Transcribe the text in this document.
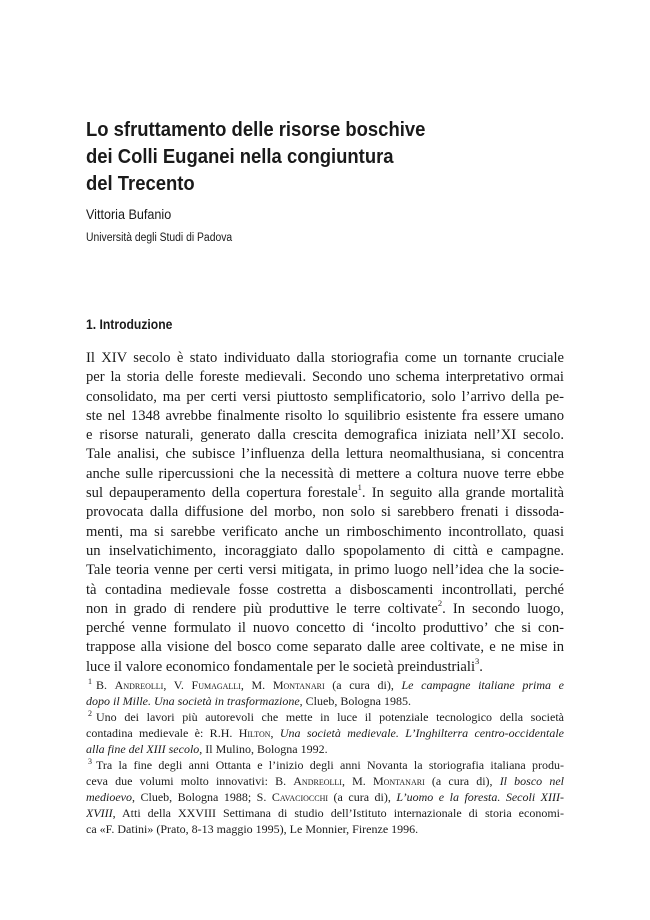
Lo sfruttamento delle risorse boschive
dei Colli Euganei nella congiuntura
del Trecento
Vittoria Bufanio
Università degli Studi di Padova
1. Introduzione
Il XIV secolo è stato individuato dalla storiografia come un tornante cruciale
per la storia delle foreste medievali. Secondo uno schema interpretativo ormai
consolidato, ma per certi versi piuttosto semplificatorio, solo l’arrivo della pe-
ste nel 1348 avrebbe finalmente risolto lo squilibrio esistente fra essere umano
e risorse naturali, generato dalla crescita demografica iniziata nell’XI secolo.
Tale analisi, che subisce l’influenza della lettura neomalthusiana, si concentra
anche sulle ripercussioni che la necessità di mettere a coltura nuove terre ebbe
sul depauperamento della copertura forestale$^1$. In seguito alla grande mortalità
provocata dalla diffusione del morbo, non solo si sarebbero frenati i dissoda-
menti, ma si sarebbe verificato anche un rimboschimento incontrollato, quasi
un inselvatichimento, incoraggiato dallo spopolamento di città e campagne.
Tale teoria venne per certi versi mitigata, in primo luogo nell’idea che la socie-
tà contadina medievale fosse costretta a disboscamenti incontrollati, perché
non in grado di rendere più produttive le terre coltivate$^2$. In secondo luogo,
perché venne formulato il nuovo concetto di ‘incolto produttivo’ che si con-
trappose alla visione del bosco come separato dalle aree coltivate, e ne mise in
luce il valore economico fondamentale per le società preindustriali$^3$.
$^1$ B. Andreolli, V. Fumagalli, M. Montanari (a cura di), Le campagne italiane prima e
dopo il Mille. Una società in trasformazione, Clueb, Bologna 1985.
$^2$ Uno dei lavori più autorevoli che mette in luce il potenziale tecnologico della società
contadina medievale è: R.H. Hilton, Una società medievale. L’Inghilterra centro-occidentale
alla fine del XIII secolo, Il Mulino, Bologna 1992.
$^3$ Tra la fine degli anni Ottanta e l’inizio degli anni Novanta la storiografia italiana produ-
ceva due volumi molto innovativi: B. Andreolli, M. Montanari (a cura di), Il bosco nel
medioevo, Clueb, Bologna 1988; S. Cavaciocchi (a cura di), L’uomo e la foresta. Secoli XIII-
XVIII, Atti della XXVIII Settimana di studio dell’Istituto internazionale di storia economi-
ca «F. Datini» (Prato, 8-13 maggio 1995), Le Monnier, Firenze 1996.
